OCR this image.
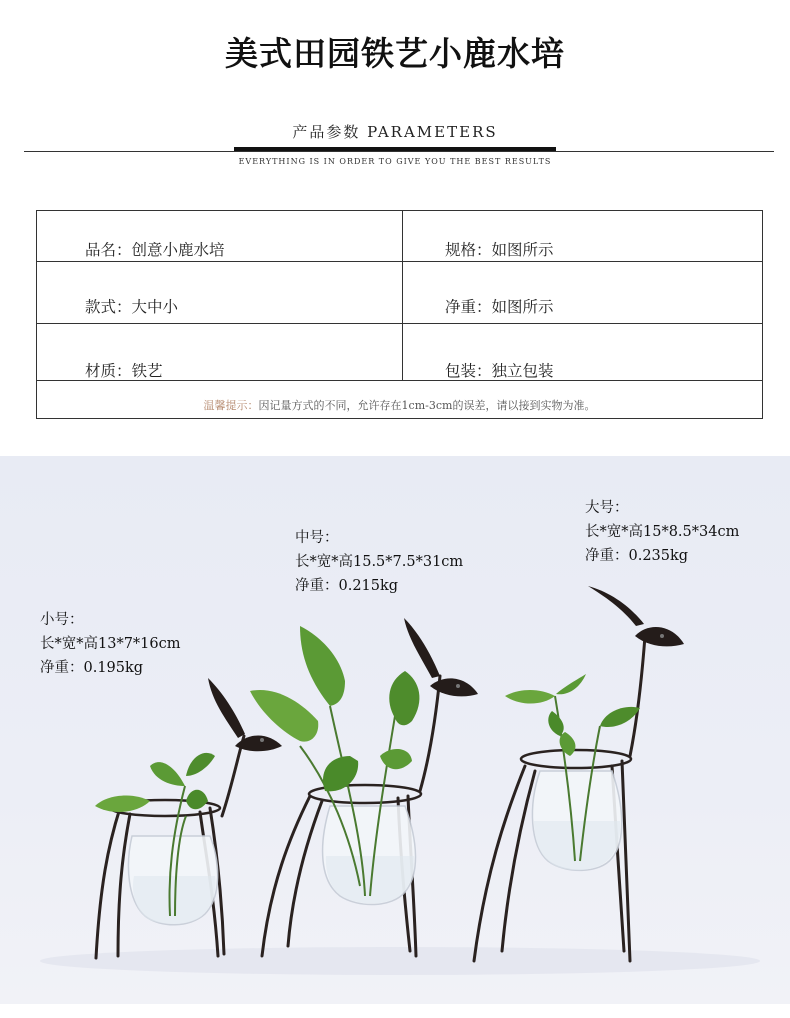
美式田园铁艺小鹿水培
产品参数 PARAMETERS
EVERYTHING IS IN ORDER TO GIVE YOU THE BEST RESULTS
品名：创意小鹿水培	规格：如图所示
款式：大中小	净重：如图所示
材质：铁艺	包装：独立包装
温馨提示：因记量方式的不同，允许存在1cm-3cm的误差，请以接到实物为准。
小号：
长*宽*高13*7*16cm
净重：0.195kg
中号：
长*宽*高15.5*7.5*31cm
净重：0.215kg
大号：
长*宽*高15*8.5*34cm
净重：0.235kg
